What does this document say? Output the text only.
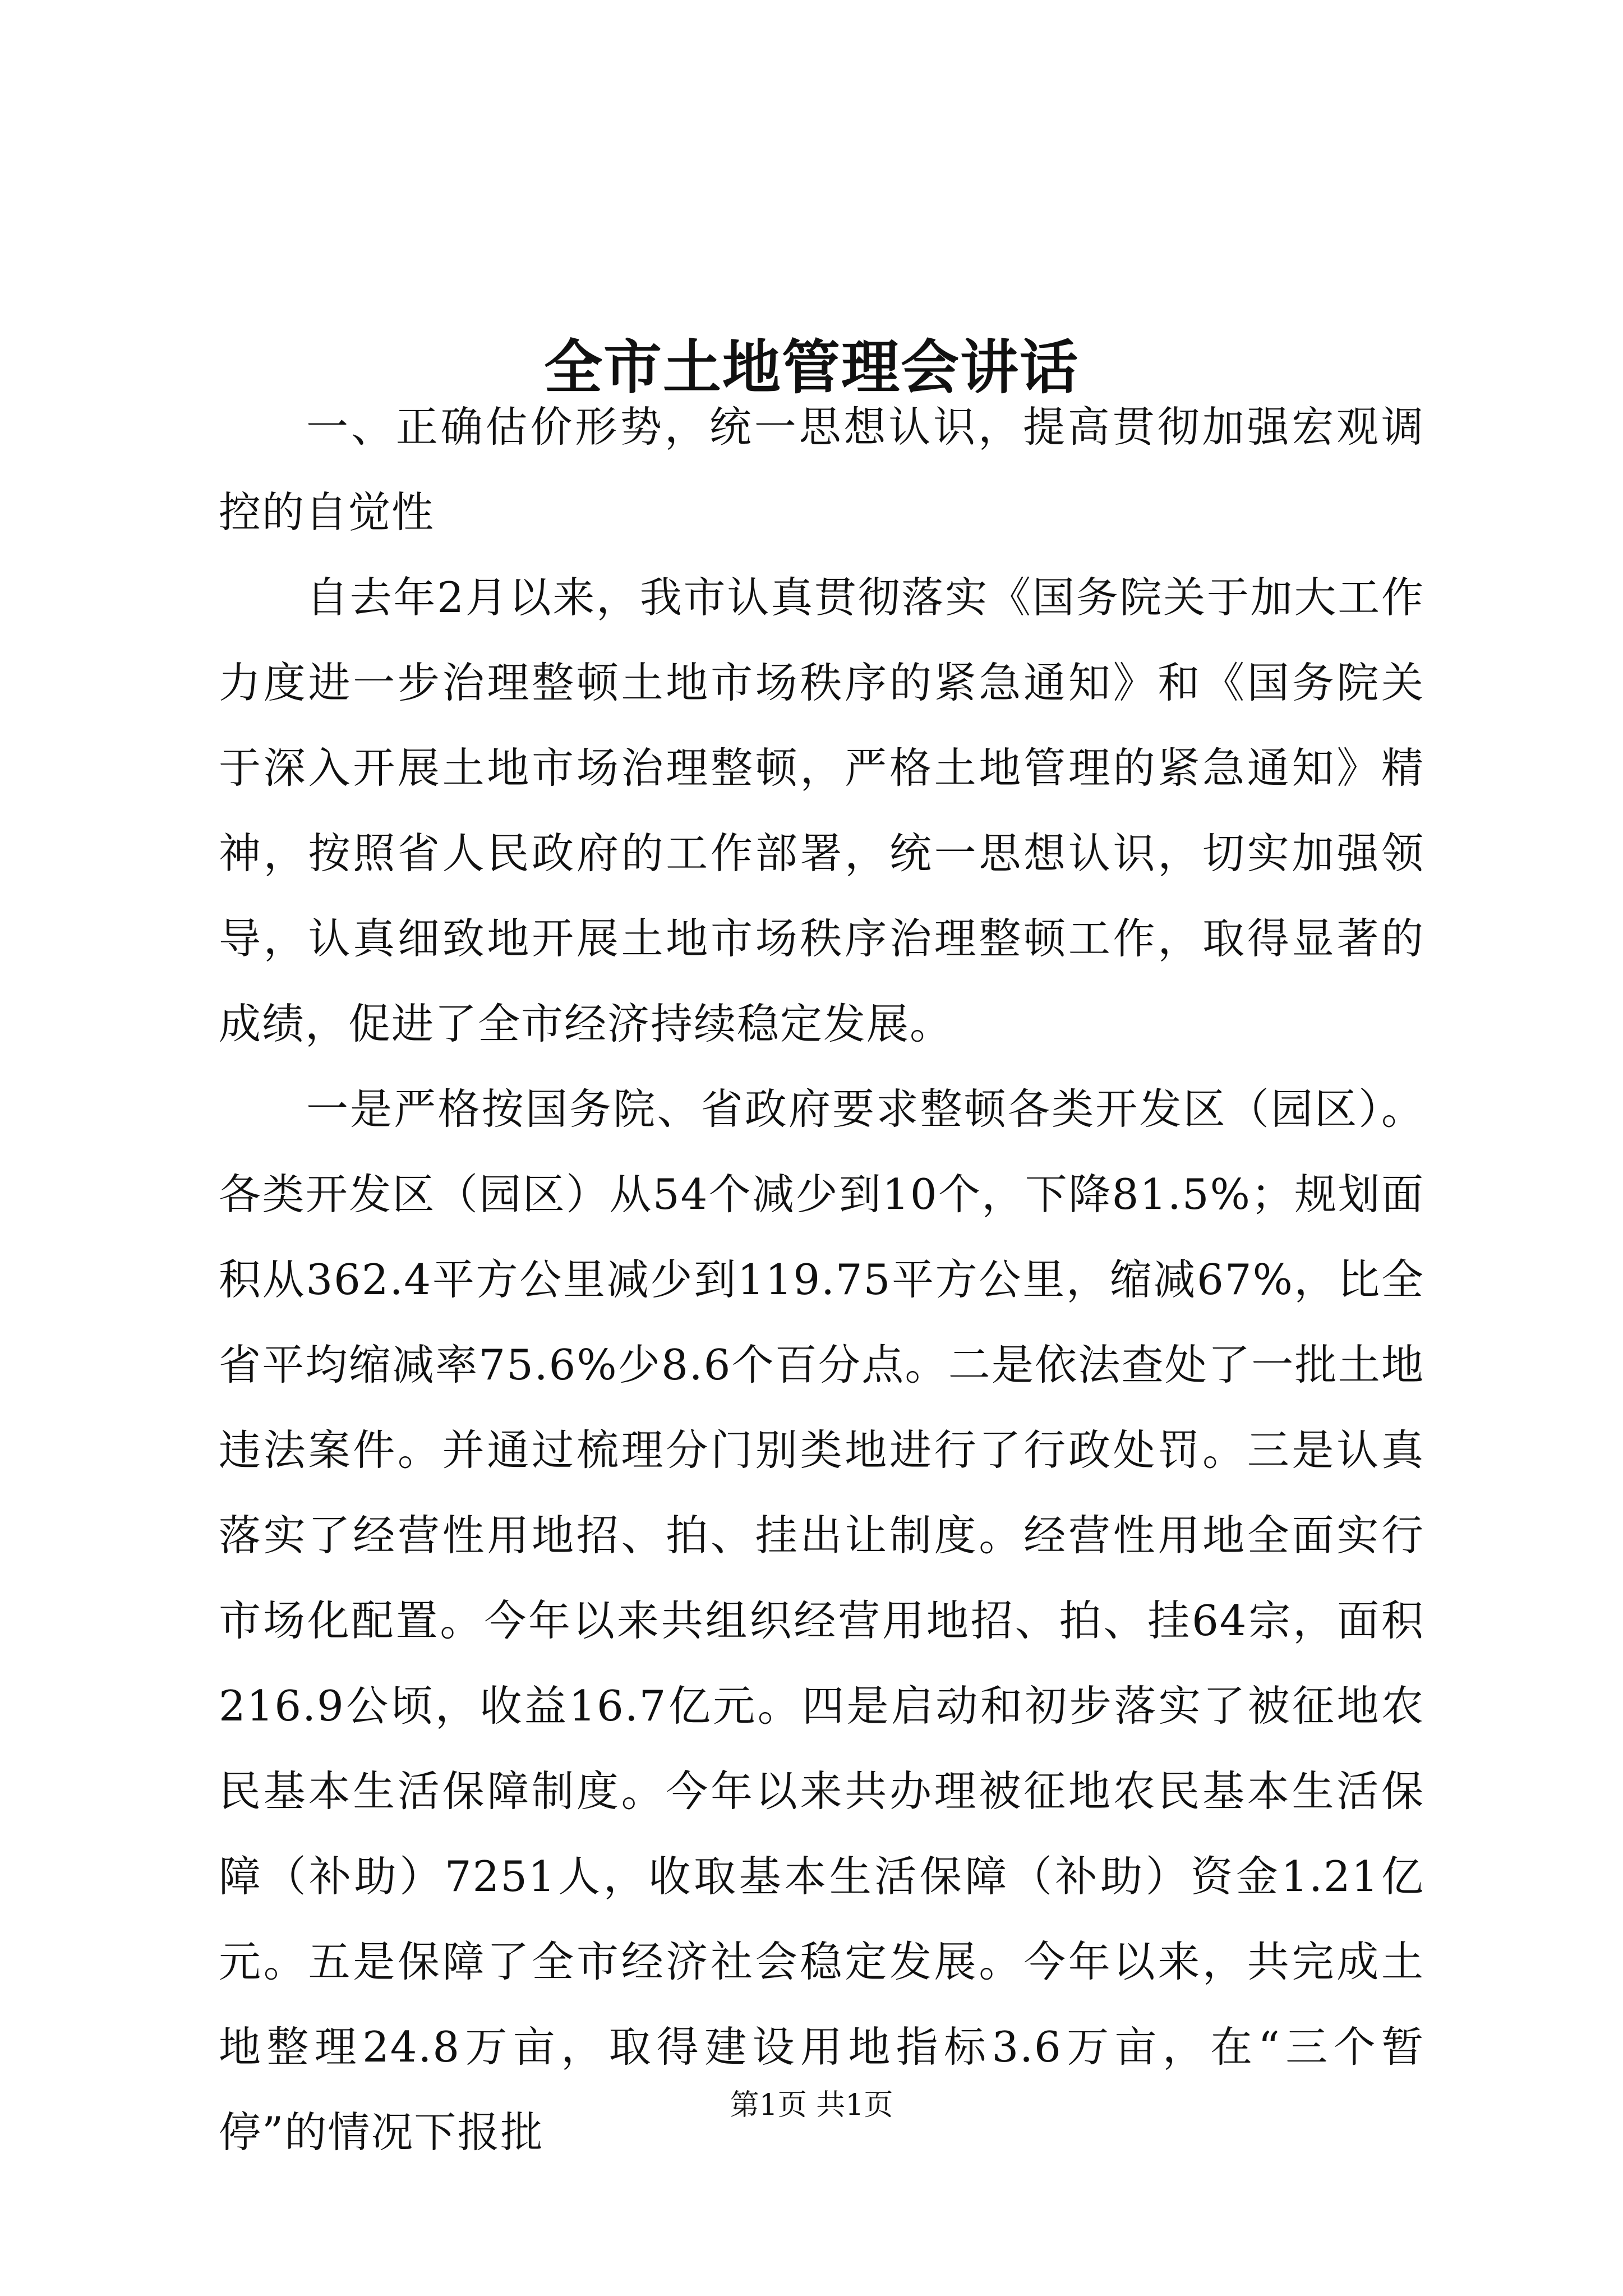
全市土地管理会讲话

一、正确估价形势，统一思想认识，提高贯彻加强宏观调控的自觉性

自去年2月以来，我市认真贯彻落实《国务院关于加大工作力度进一步治理整顿土地市场秩序的紧急通知》和《国务院关于深入开展土地市场治理整顿，严格土地管理的紧急通知》精神，按照省人民政府的工作部署，统一思想认识，切实加强领导，认真细致地开展土地市场秩序治理整顿工作，取得显著的成绩，促进了全市经济持续稳定发展。

一是严格按国务院、省政府要求整顿各类开发区（园区）。各类开发区（园区）从54个减少到10个，下降81.5%；规划面积从362.4平方公里减少到119.75平方公里，缩减67%，比全省平均缩减率75.6%少8.6个百分点。二是依法查处了一批土地违法案件。并通过梳理分门别类地进行了行政处罚。三是认真落实了经营性用地招、拍、挂出让制度。经营性用地全面实行市场化配置。今年以来共组织经营用地招、拍、挂64宗，面积216.9公顷，收益16.7亿元。四是启动和初步落实了被征地农民基本生活保障制度。今年以来共办理被征地农民基本生活保障（补助）7251人，收取基本生活保障（补助）资金1.21亿元。五是保障了全市经济社会稳定发展。今年以来，共完成土地整理24.8万亩，取得建设用地指标3.6万亩，在“三个暂停”的情况下报批

第1页 共1页
